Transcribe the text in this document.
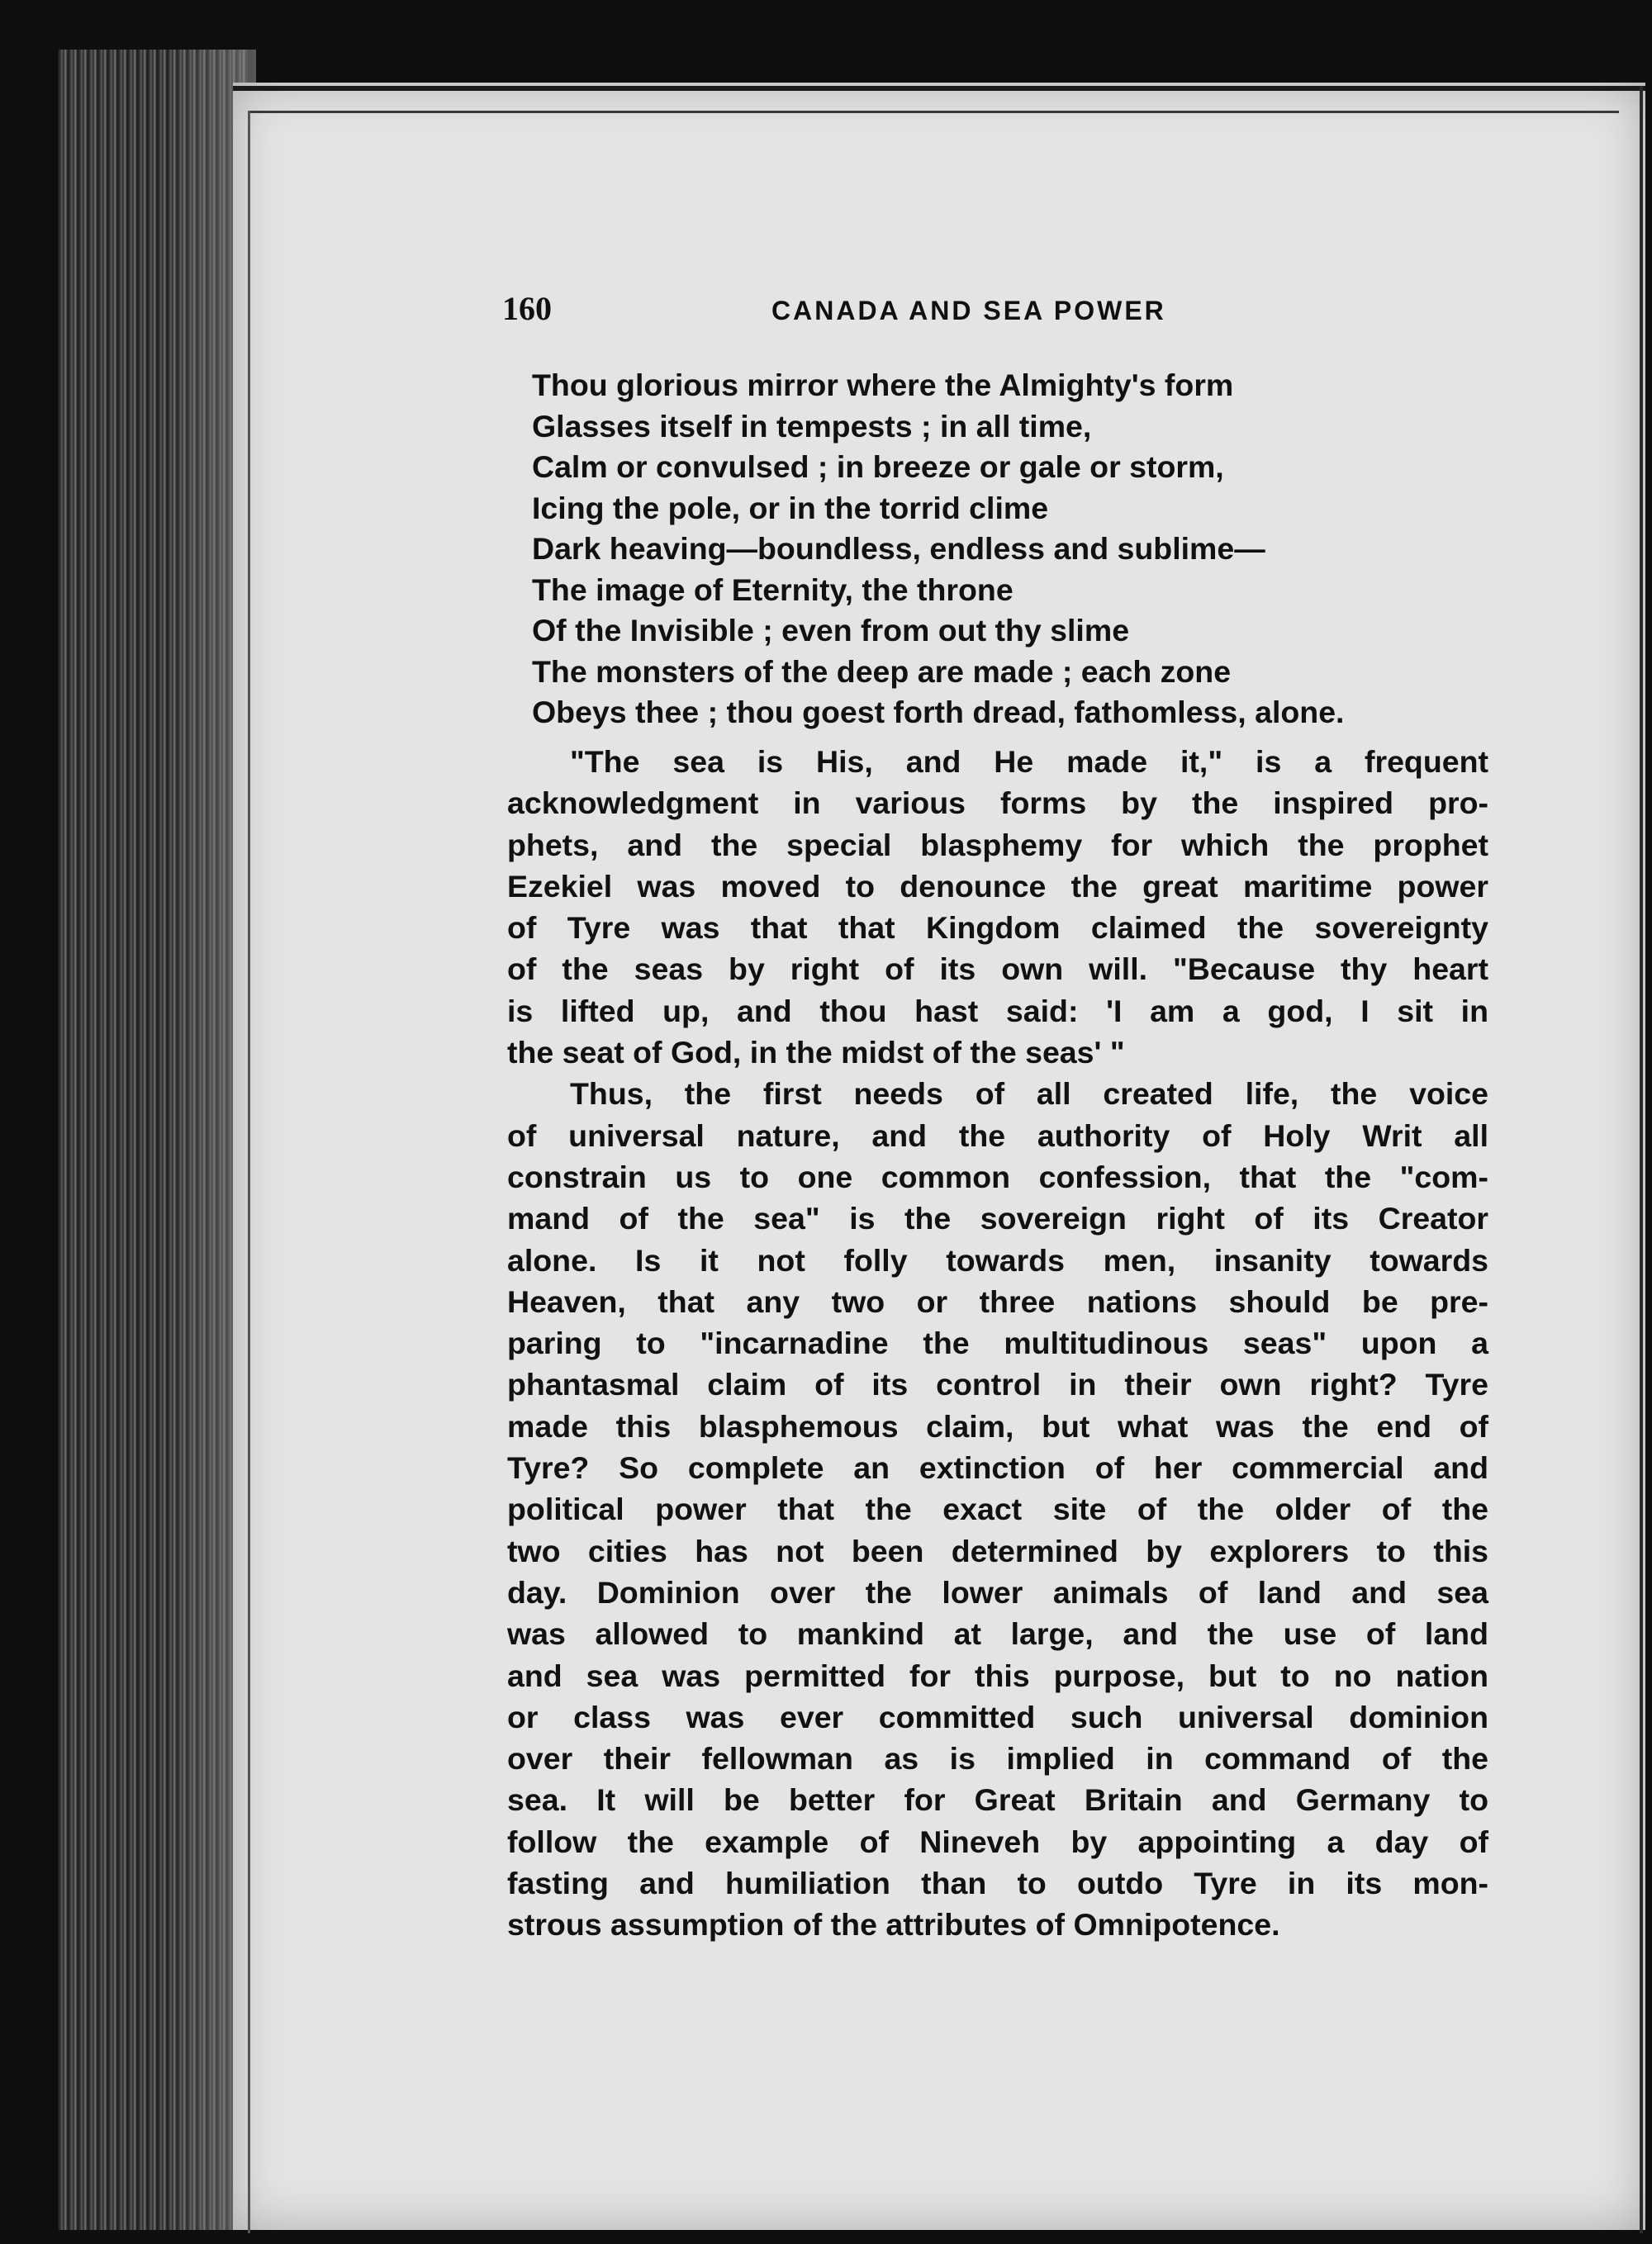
160	CANADA AND SEA POWER
Thou glorious mirror where the Almighty's form
Glasses itself in tempests ; in all time,
Calm or convulsed ; in breeze or gale or storm,
Icing the pole, or in the torrid clime
Dark heaving—boundless, endless and sublime—
The image of Eternity, the throne
Of the Invisible ; even from out thy slime
The monsters of the deep are made ; each zone
Obeys thee ; thou goest forth dread, fathomless, alone.
"The sea is His, and He made it," is a frequent
acknowledgment in various forms by the inspired pro-
phets, and the special blasphemy for which the prophet
Ezekiel was moved to denounce the great maritime power
of Tyre was that that Kingdom claimed the sovereignty
of the seas by right of its own will. "Because thy heart
is lifted up, and thou hast said: 'I am a god, I sit in
the seat of God, in the midst of the seas' "
Thus, the first needs of all created life, the voice
of universal nature, and the authority of Holy Writ all
constrain us to one common confession, that the "com-
mand of the sea" is the sovereign right of its Creator
alone. Is it not folly towards men, insanity towards
Heaven, that any two or three nations should be pre-
paring to "incarnadine the multitudinous seas" upon a
phantasmal claim of its control in their own right? Tyre
made this blasphemous claim, but what was the end of
Tyre? So complete an extinction of her commercial and
political power that the exact site of the older of the
two cities has not been determined by explorers to this
day. Dominion over the lower animals of land and sea
was allowed to mankind at large, and the use of land
and sea was permitted for this purpose, but to no nation
or class was ever committed such universal dominion
over their fellowman as is implied in command of the
sea. It will be better for Great Britain and Germany to
follow the example of Nineveh by appointing a day of
fasting and humiliation than to outdo Tyre in its mon-
strous assumption of the attributes of Omnipotence.
